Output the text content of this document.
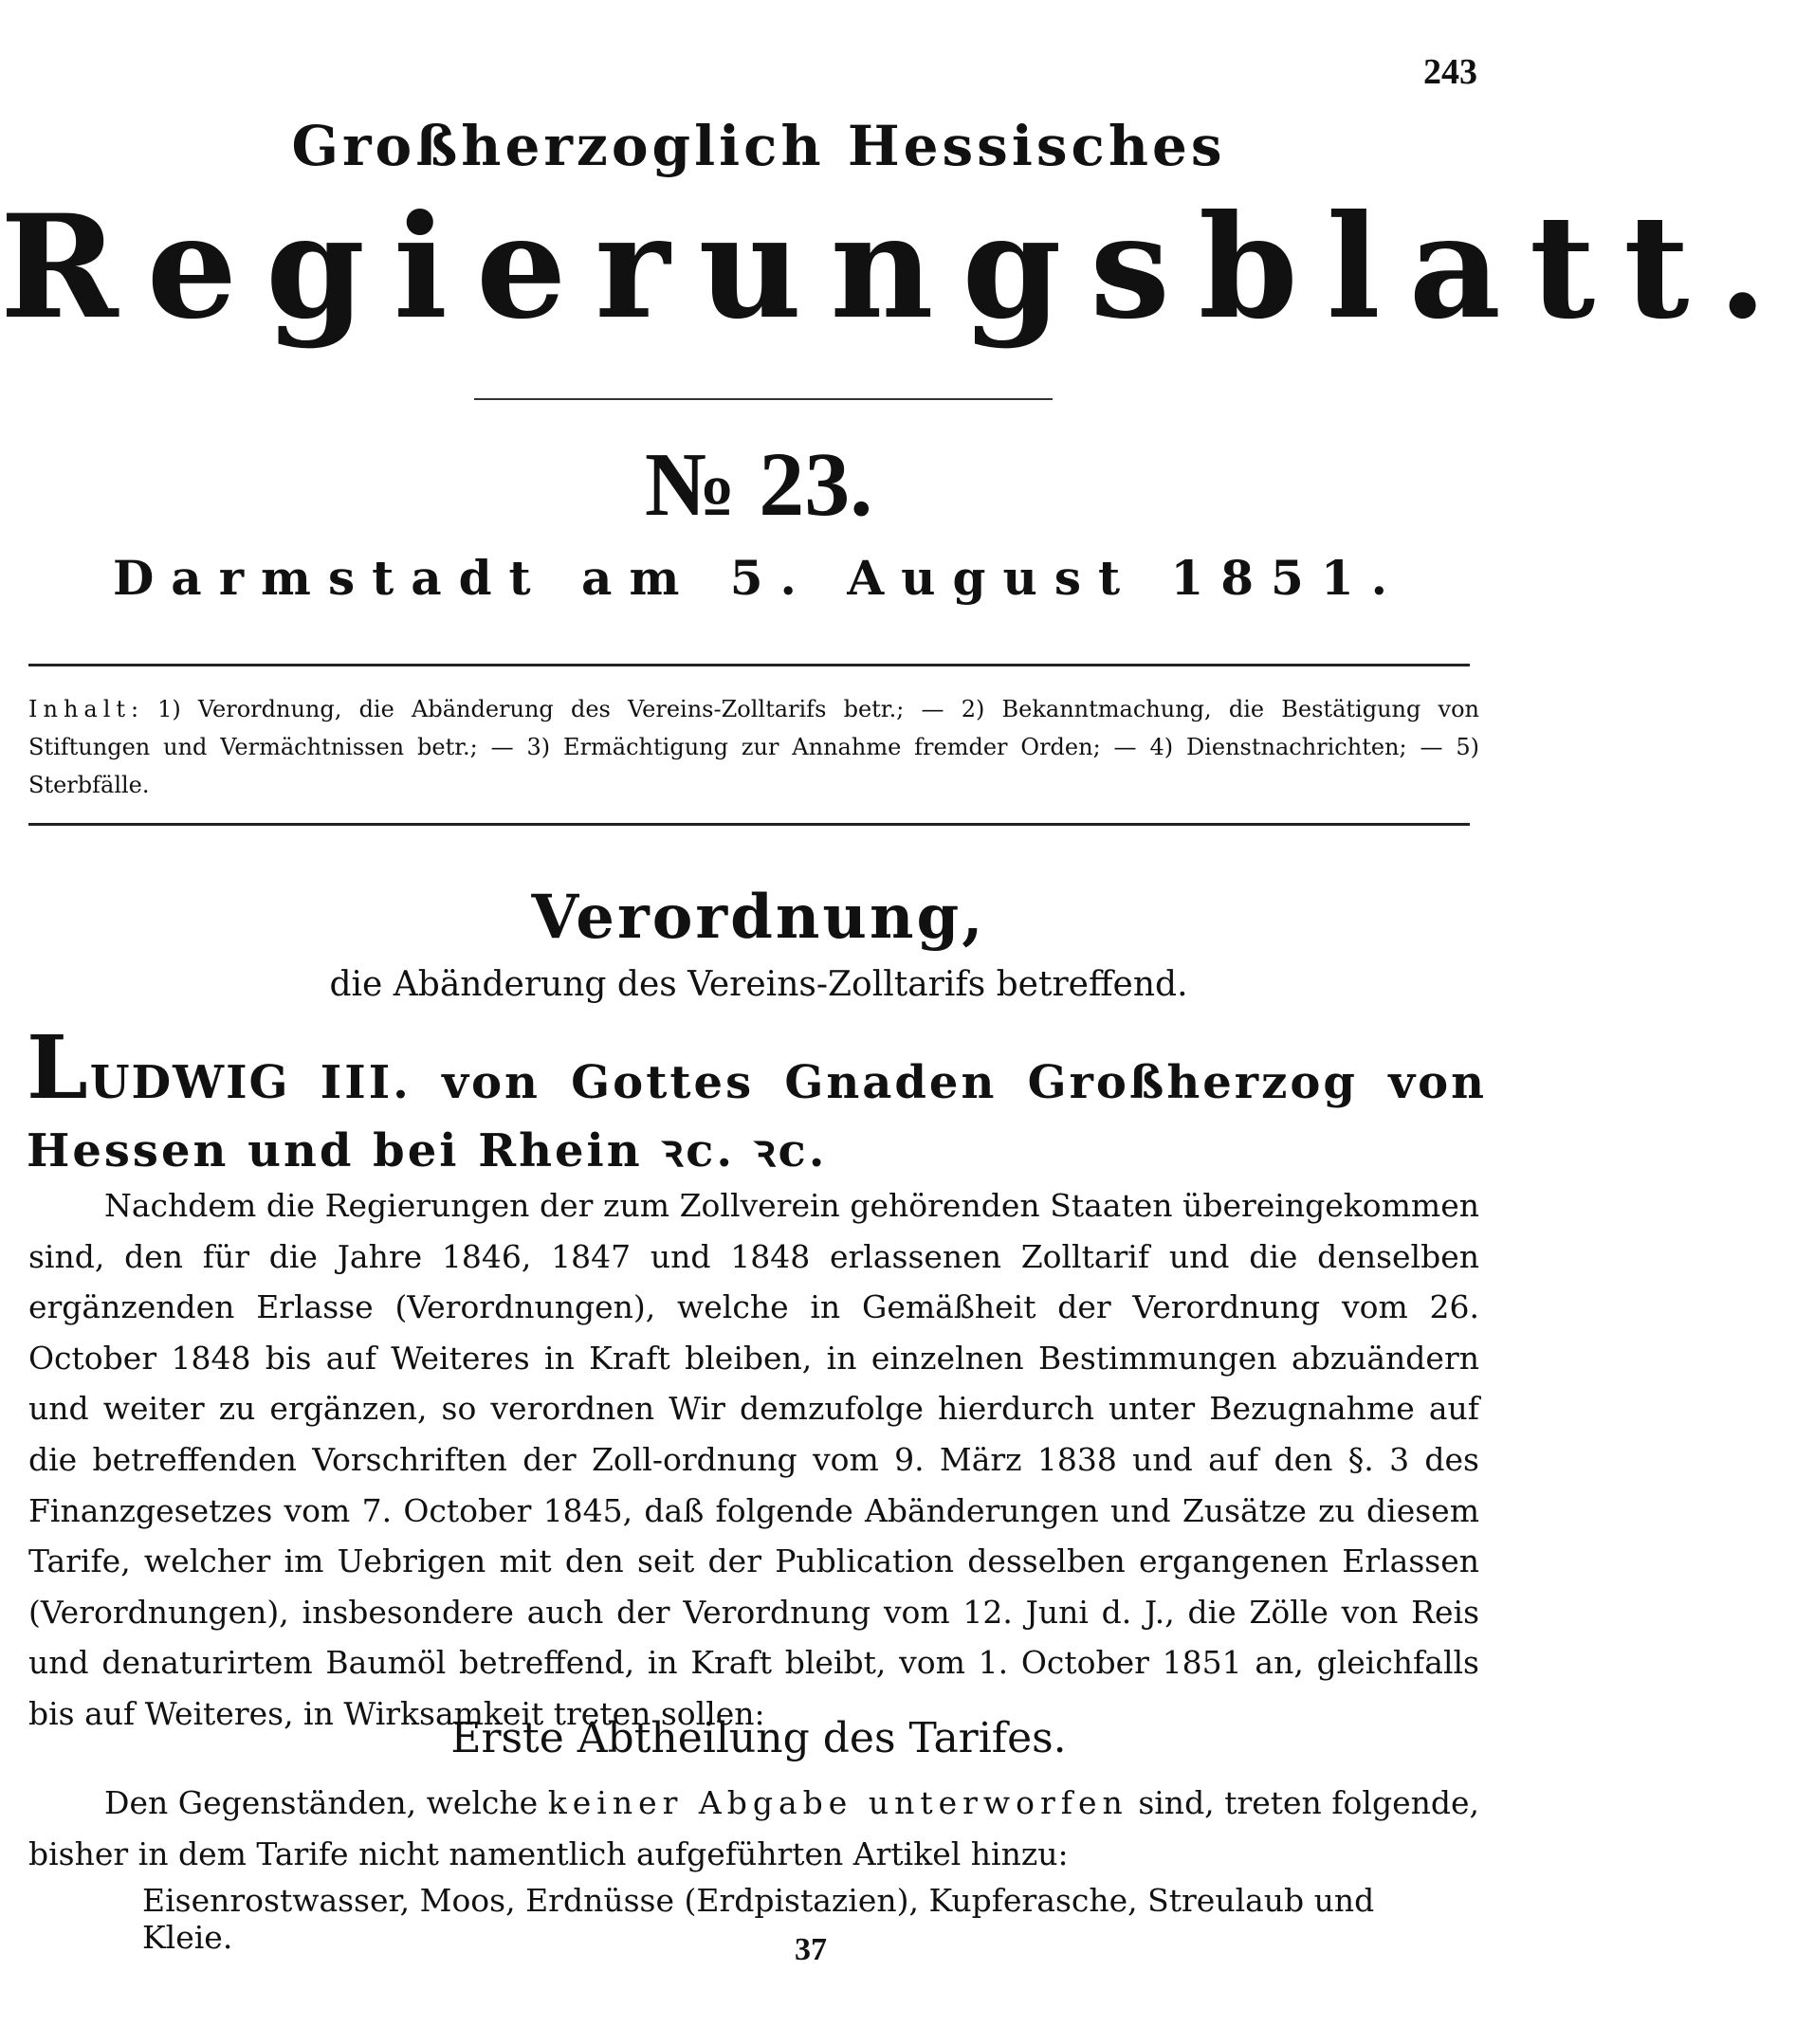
243
Großherzoglich Hessisches
Regierungsblatt.
№ 23.
Darmstadt am 5. August 1851.
Inhalt: 1) Verordnung, die Abänderung des Vereins-Zolltarifs betr.; — 2) Bekanntmachung, die Bestätigung von Stiftungen und Vermächtnissen betr.; — 3) Ermächtigung zur Annahme fremder Orden; — 4) Dienstnachrichten; — 5) Sterbfälle.
Verordnung,
die Abänderung des Vereins-Zolltarifs betreffend.
LUDWIG III. von Gottes Gnaden Großherzog von Hessen und bei Rhein ꝛc. ꝛc.

Nachdem die Regierungen der zum Zollverein gehörenden Staaten übereingekommen sind, den für die Jahre 1846, 1847 und 1848 erlassenen Zolltarif und die denselben ergänzenden Erlasse (Verordnungen), welche in Gemäßheit der Verordnung vom 26. October 1848 bis auf Weiteres in Kraft bleiben, in einzelnen Bestimmungen abzuändern und weiter zu ergänzen, so verordnen Wir demzufolge hierdurch unter Bezugnahme auf die betreffenden Vorschriften der Zoll-ordnung vom 9. März 1838 und auf den §. 3 des Finanzgesetzes vom 7. October 1845, daß folgende Abänderungen und Zusätze zu diesem Tarife, welcher im Uebrigen mit den seit der Publication desselben ergangenen Erlassen (Verordnungen), insbesondere auch der Verordnung vom 12. Juni d. J., die Zölle von Reis und denaturirtem Baumöl betreffend, in Kraft bleibt, vom 1. October 1851 an, gleichfalls bis auf Weiteres, in Wirksamkeit treten sollen:

Erste Abtheilung des Tarifes.

Den Gegenständen, welche keiner Abgabe unterworfen sind, treten folgende, bisher in dem Tarife nicht namentlich aufgeführten Artikel hinzu:

Eisenrostwasser, Moos, Erdnüsse (Erdpistazien), Kupferasche, Streulaub und Kleie.	37
